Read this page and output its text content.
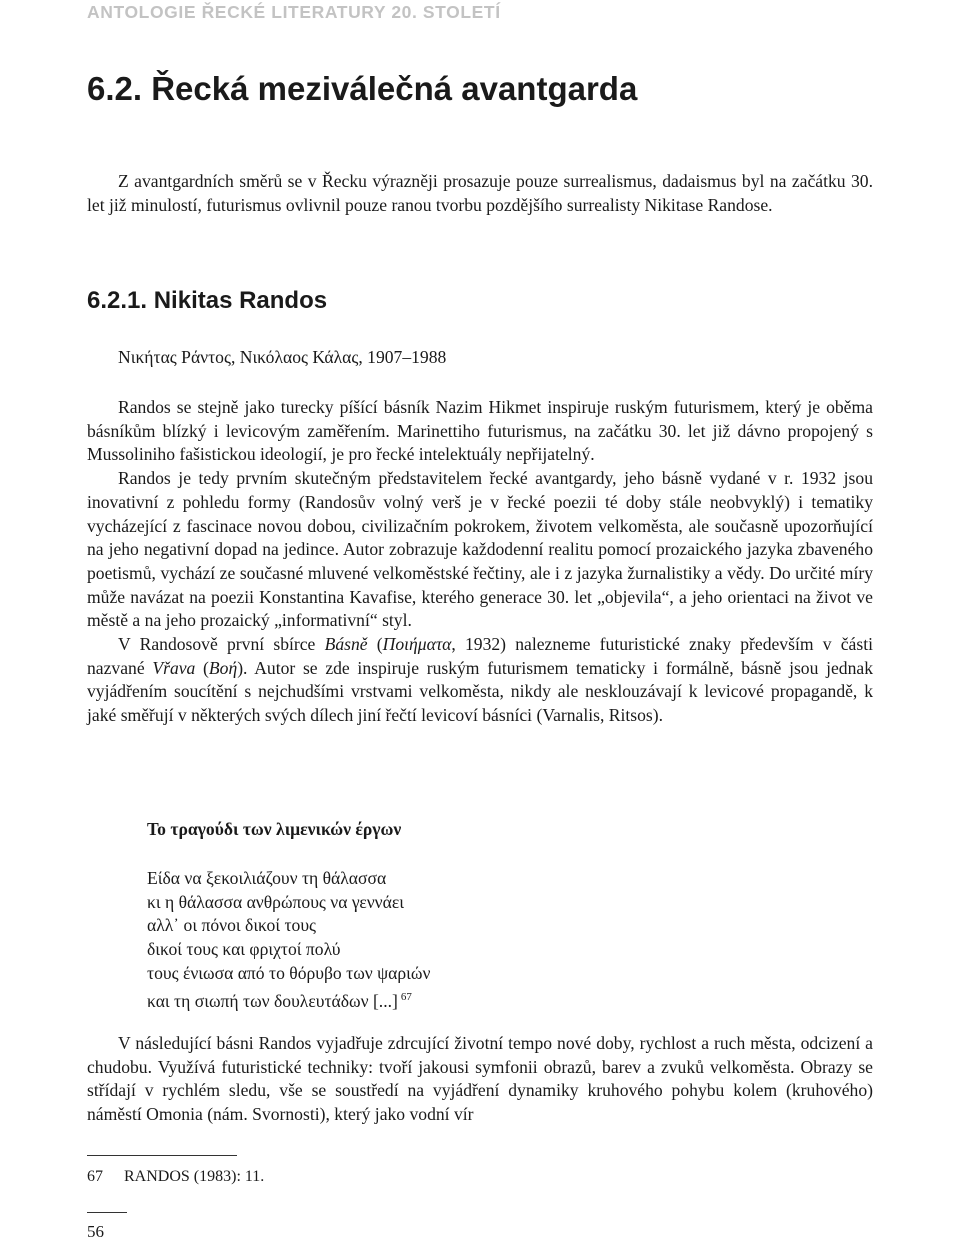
ANTOLOGIE ŘECKÉ LITERATURY 20. STOLETÍ
6.2. Řecká meziválečná avantgarda

Z avantgardních směrů se v Řecku výrazněji prosazuje pouze surrealismus, dadaismus byl na začátku 30. let již minulostí, futurismus ovlivnil pouze ranou tvorbu pozdějšího surrealisty Nikitase Randose.

6.2.1. Nikitas Randos
Νικήτας Ράντος, Νικόλαος Κάλας, 1907–1988

Randos se stejně jako turecky píšící básník Nazim Hikmet inspiruje ruským futurismem, který je oběma básníkům blízký i levicovým zaměřením. Marinettiho futurismus, na začátku 30. let již dávno propojený s Mussoliniho fašistickou ideologií, je pro řecké intelektuály nepřijatelný.

Randos je tedy prvním skutečným představitelem řecké avantgardy, jeho básně vydané v r. 1932 jsou inovativní z pohledu formy (Randosův volný verš je v řecké poezii té doby stále neobvyklý) i tematiky vycházející z fascinace novou dobou, civilizačním pokrokem, životem velkoměsta, ale současně upozorňující na jeho negativní dopad na jedince. Autor zobrazuje každodenní realitu pomocí prozaického jazyka zbaveného poetismů, vychází ze současné mluvené velkoměstské řečtiny, ale i z jazyka žurnalistiky a vědy. Do určité míry může navázat na poezii Konstantina Kavafise, kterého generace 30. let „objevila“, a jeho orientaci na život ve městě a na jeho prozaický „informativní“ styl.

V Randosově první sbírce Básně (Ποιήματα, 1932) nalezneme futuristické znaky především v části nazvané Vřava (Βοή). Autor se zde inspiruje ruským futurismem tematicky i formálně, básně jsou jednak vyjádřením soucítění s nejchudšími vrstvami velkoměsta, nikdy ale nesklouzávají k levicové propagandě, k jaké směřují v některých svých dílech jiní řečtí levicoví básníci (Varnalis, Ritsos).

Το τραγούδι των λιμενικών έργων
Είδα να ξεκοιλιάζουν τη θάλασσα
κι η θάλασσα ανθρώπους να γεννάει
αλλ᾽ οι πόνοι δικοί τους
δικοί τους και φριχτοί πολύ
τους ένιωσα από το θόρυβο των ψαριών
και τη σιωπή των δουλευτάδων [...] $^{67}$

V následující básni Randos vyjadřuje zdrcující životní tempo nové doby, rychlost a ruch města, odcizení a chudobu. Využívá futuristické techniky: tvoří jakousi symfonii obrazů, barev a zvuků velkoměsta. Obrazy se střídají v rychlém sledu, vše se soustředí na vyjádření dynamiky kruhového pohybu kolem (kruhového) náměstí Omonia (nám. Svornosti), který jako vodní vír

67 RANDOS (1983): 11.
56
